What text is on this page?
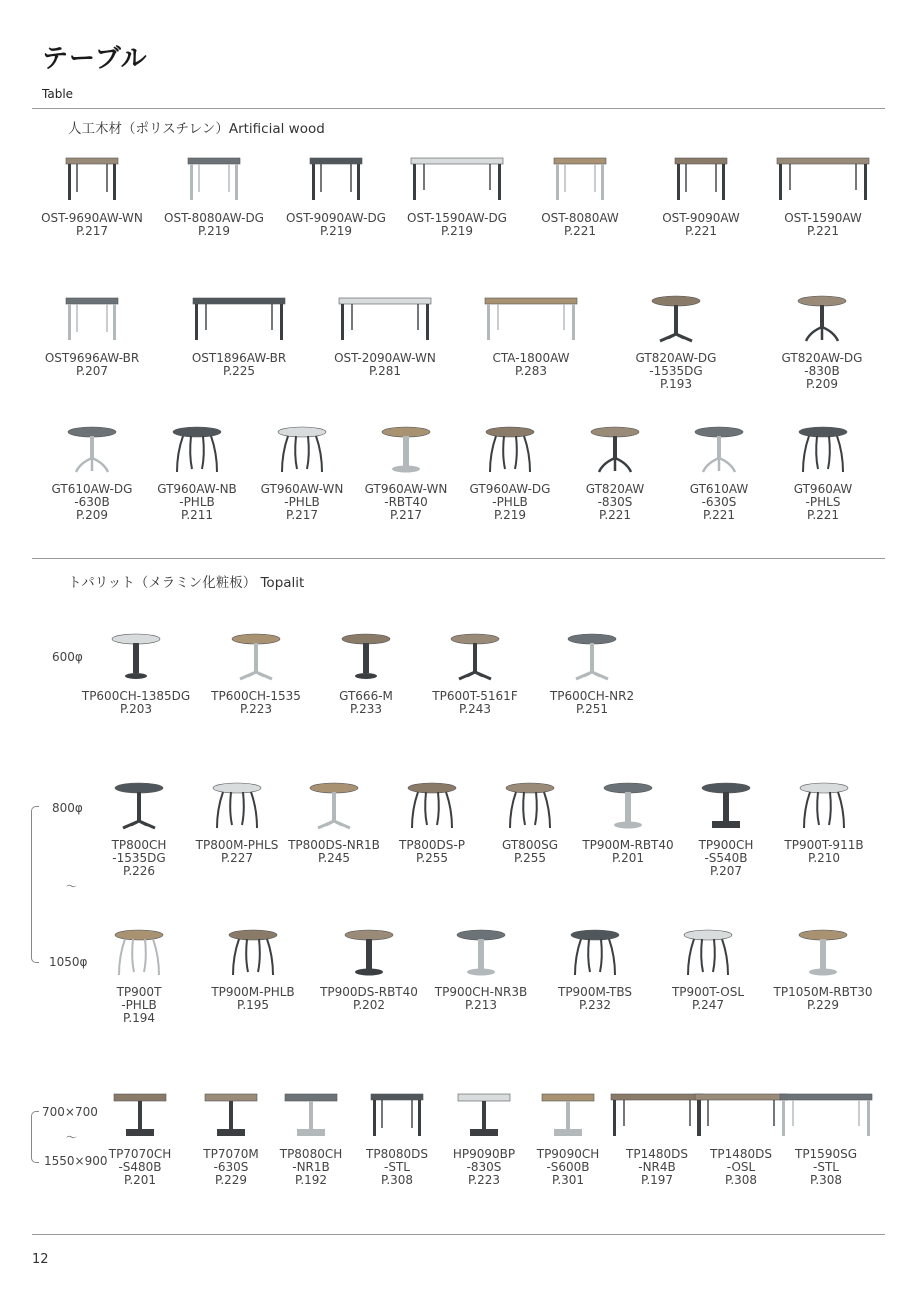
テーブル
Table
人工木材（ポリスチレン）Artificial wood
トパリット（メラミン化粧板） Topalit
600φ
800φ
〜
1050φ
700×700
〜
1550×900
OST-9690AW-WN
P.217
OST-8080AW-DG
P.219
OST-9090AW-DG
P.219
OST-1590AW-DG
P.219
OST-8080AW
P.221
OST-9090AW
P.221
OST-1590AW
P.221
OST9696AW-BR
P.207
OST1896AW-BR
P.225
OST-2090AW-WN
P.281
CTA-1800AW
P.283
GT820AW-DG
-1535DG
P.193
GT820AW-DG
-830B
P.209
GT610AW-DG
-630B
P.209
GT960AW-NB
-PHLB
P.211
GT960AW-WN
-PHLB
P.217
GT960AW-WN
-RBT40
P.217
GT960AW-DG
-PHLB
P.219
GT820AW
-830S
P.221
GT610AW
-630S
P.221
GT960AW
-PHLS
P.221
TP600CH-1385DG
P.203
TP600CH-1535
P.223
GT666-M
P.233
TP600T-5161F
P.243
TP600CH-NR2
P.251
TP800CH
-1535DG
P.226
TP800M-PHLS
P.227
TP800DS-NR1B
P.245
TP800DS-P
P.255
GT800SG
P.255
TP900M-RBT40
P.201
TP900CH
-S540B
P.207
TP900T-911B
P.210
TP900T
-PHLB
P.194
TP900M-PHLB
P.195
TP900DS-RBT40
P.202
TP900CH-NR3B
P.213
TP900M-TBS
P.232
TP900T-OSL
P.247
TP1050M-RBT30
P.229
TP7070CH
-S480B
P.201
TP7070M
-630S
P.229
TP8080CH
-NR1B
P.192
TP8080DS
-STL
P.308
HP9090BP
-830S
P.223
TP9090CH
-S600B
P.301
TP1480DS
-NR4B
P.197
TP1480DS
-OSL
P.308
TP1590SG
-STL
P.308
12
